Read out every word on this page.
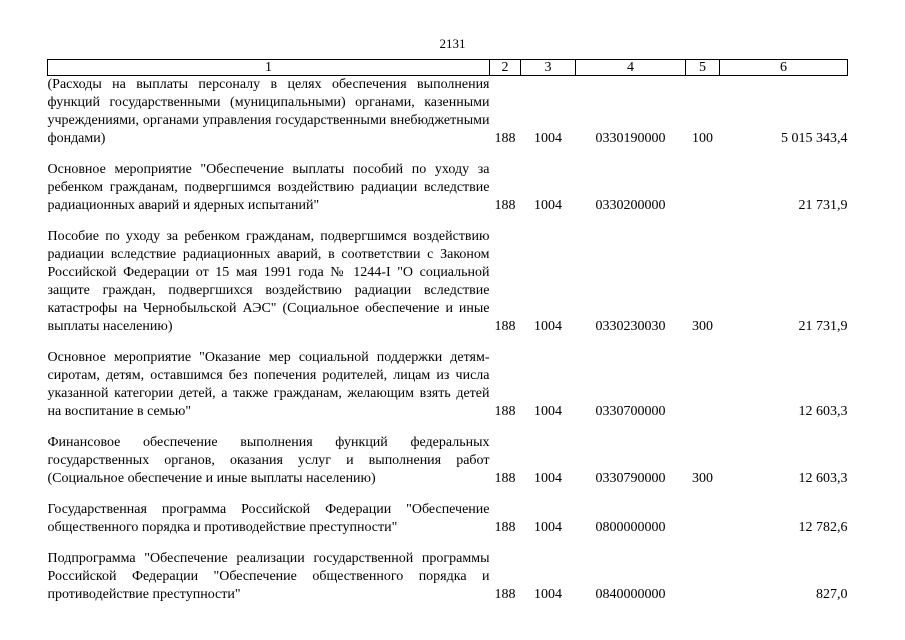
2131
1	2	3	4	5	6
(Расходы на выплаты персоналу в целях обеспечения выполнения функций государственными (муниципальными) органами, казенными учреждениями, органами управления государственными внебюджетными фондами)	188	1004	0330190000	100	5 015 343,4

Основное мероприятие "Обеспечение выплаты пособий по уходу за ребенком гражданам, подвергшимся воздействию радиации вследствие радиационных аварий и ядерных испытаний"	188	1004	0330200000		21 731,9

Пособие по уходу за ребенком гражданам, подвергшимся воздействию радиации вследствие радиационных аварий, в соответствии с Законом Российской Федерации от 15 мая 1991 года № 1244-I "О социальной защите граждан, подвергшихся воздействию радиации вследствие катастрофы на Чернобыльской АЭС" (Социальное обеспечение и иные выплаты населению)	188	1004	0330230030	300	21 731,9

Основное мероприятие "Оказание мер социальной поддержки детям-сиротам, детям, оставшимся без попечения родителей, лицам из числа указанной категории детей, а также гражданам, желающим взять детей на воспитание в семью"	188	1004	0330700000		12 603,3

Финансовое обеспечение выполнения функций федеральных государственных органов, оказания услуг и выполнения работ (Социальное обеспечение и иные выплаты населению)	188	1004	0330790000	300	12 603,3

Государственная программа Российской Федерации "Обеспечение общественного порядка и противодействие преступности"	188	1004	0800000000		12 782,6

Подпрограмма "Обеспечение реализации государственной программы Российской Федерации "Обеспечение общественного порядка и противодействие преступности"	188	1004	0840000000		827,0
